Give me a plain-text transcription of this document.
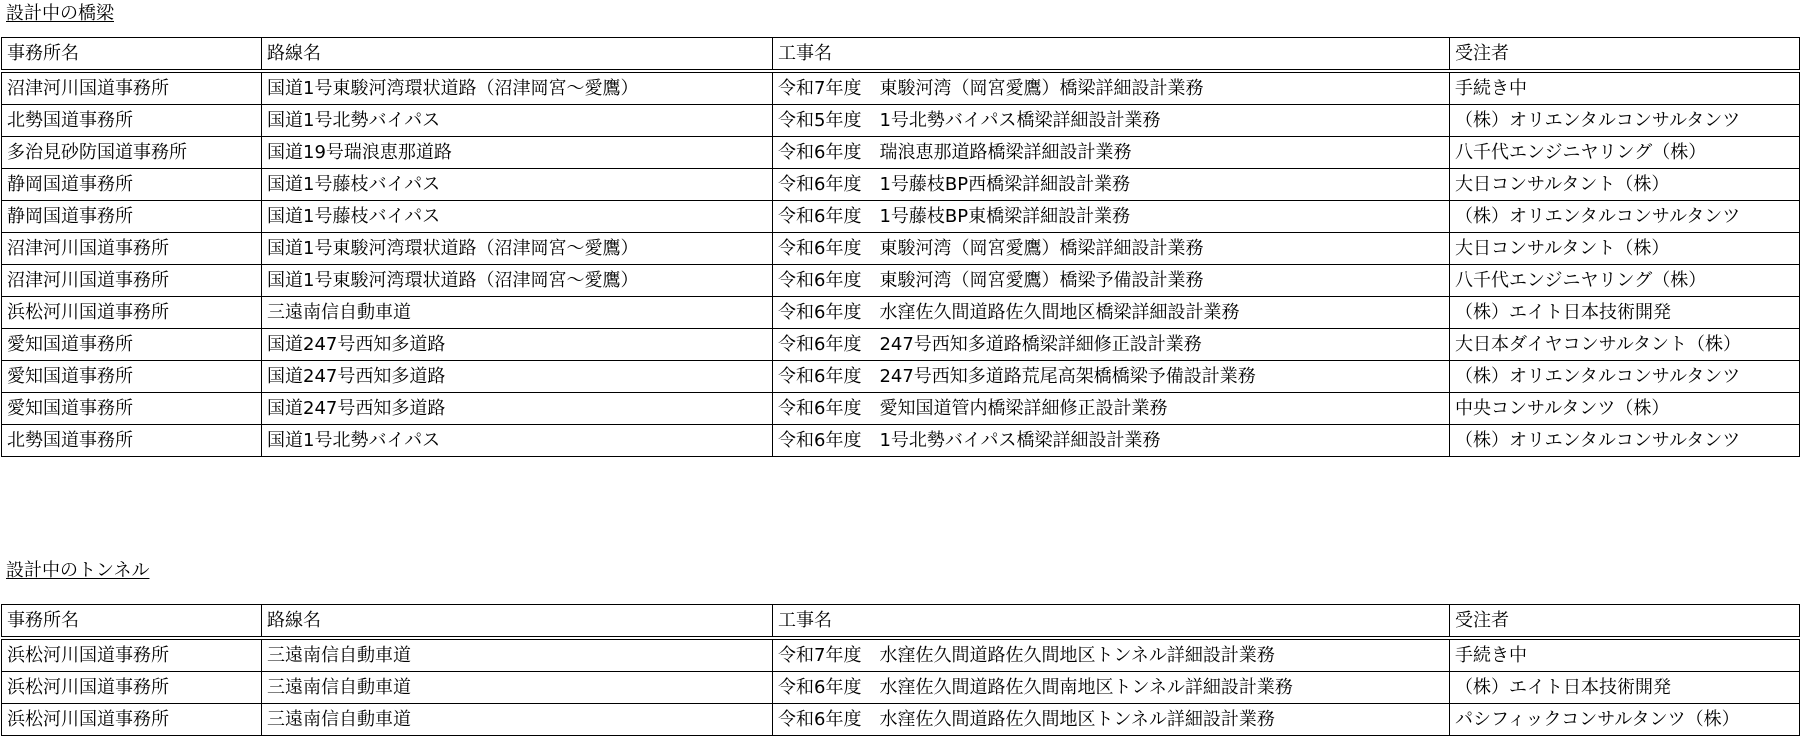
設計中の橋梁
事務所名	路線名	工事名	受注者
沼津河川国道事務所	国道1号東駿河湾環状道路（沼津岡宮～愛鷹）	令和7年度　東駿河湾（岡宮愛鷹）橋梁詳細設計業務	手続き中
北勢国道事務所	国道1号北勢バイパス	令和5年度　1号北勢バイパス橋梁詳細設計業務	（株）オリエンタルコンサルタンツ
多治見砂防国道事務所	国道19号瑞浪恵那道路	令和6年度　瑞浪恵那道路橋梁詳細設計業務	八千代エンジニヤリング（株）
静岡国道事務所	国道1号藤枝バイパス	令和6年度　1号藤枝BP西橋梁詳細設計業務	大日コンサルタント（株）
静岡国道事務所	国道1号藤枝バイパス	令和6年度　1号藤枝BP東橋梁詳細設計業務	（株）オリエンタルコンサルタンツ
沼津河川国道事務所	国道1号東駿河湾環状道路（沼津岡宮～愛鷹）	令和6年度　東駿河湾（岡宮愛鷹）橋梁詳細設計業務	大日コンサルタント（株）
沼津河川国道事務所	国道1号東駿河湾環状道路（沼津岡宮～愛鷹）	令和6年度　東駿河湾（岡宮愛鷹）橋梁予備設計業務	八千代エンジニヤリング（株）
浜松河川国道事務所	三遠南信自動車道	令和6年度　水窪佐久間道路佐久間地区橋梁詳細設計業務	（株）エイト日本技術開発
愛知国道事務所	国道247号西知多道路	令和6年度　247号西知多道路橋梁詳細修正設計業務	大日本ダイヤコンサルタント（株）
愛知国道事務所	国道247号西知多道路	令和6年度　247号西知多道路荒尾高架橋橋梁予備設計業務	（株）オリエンタルコンサルタンツ
愛知国道事務所	国道247号西知多道路	令和6年度　愛知国道管内橋梁詳細修正設計業務	中央コンサルタンツ（株）
北勢国道事務所	国道1号北勢バイパス	令和6年度　1号北勢バイパス橋梁詳細設計業務	（株）オリエンタルコンサルタンツ
設計中のトンネル
事務所名	路線名	工事名	受注者
浜松河川国道事務所	三遠南信自動車道	令和7年度　水窪佐久間道路佐久間地区トンネル詳細設計業務	手続き中
浜松河川国道事務所	三遠南信自動車道	令和6年度　水窪佐久間道路佐久間南地区トンネル詳細設計業務	（株）エイト日本技術開発
浜松河川国道事務所	三遠南信自動車道	令和6年度　水窪佐久間道路佐久間地区トンネル詳細設計業務	パシフィックコンサルタンツ（株）
